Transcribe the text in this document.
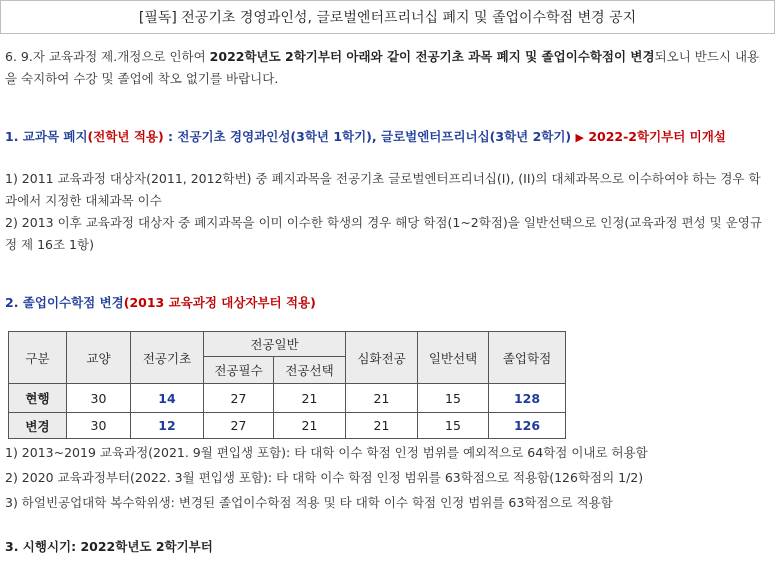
[필독] 전공기초 경영과인성, 글로벌엔터프리너십 폐지 및 졸업이수학점 변경 공지
6. 9.자 교육과정 제.개정으로 인하여 2022학년도 2학기부터 아래와 같이 전공기초 과목 폐지 및 졸업이수학점이 변경되오니 반드시 내용을 숙지하여 수강 및 졸업에 착오 없기를 바랍니다.
1. 교과목 폐지(전학년 적용) : 전공기초 경영과인성(3학년 1학기), 글로벌엔터프리너십(3학년 2학기) ▶ 2022-2학기부터 미개설

1) 2011 교육과정 대상자(2011, 2012학번) 중 폐지과목을 전공기초 글로벌엔터프리너십(I), (II)의 대체과목으로 이수하여야 하는 경우 학과에서 지정한 대체과목 이수

2) 2013 이후 교육과정 대상자 중 폐지과목을 이미 이수한 학생의 경우 해당 학점(1~2학점)을 일반선택으로 인정(교육과정 편성 및 운영규정 제 16조 1항)

2. 졸업이수학점 변경(2013 교육과정 대상자부터 적용)
구분	교양	전공기초	전공일반		심화전공	일반선택	졸업학점
			전공필수	전공선택			
현행	30	14	27	21	21	15	128
변경	30	12	27	21	21	15	126

1) 2013~2019 교육과정(2021. 9월 편입생 포함): 타 대학 이수 학점 인정 범위를 예외적으로 64학점 이내로 허용함

2) 2020 교육과정부터(2022. 3월 편입생 포함): 타 대학 이수 학점 인정 범위를 63학점으로 적용함(126학점의 1/2)

3) 하얼빈공업대학 복수학위생: 변경된 졸업이수학점 적용 및 타 대학 이수 학점 인정 범위를 63학점으로 적용함

3. 시행시기: 2022학년도 2학기부터
